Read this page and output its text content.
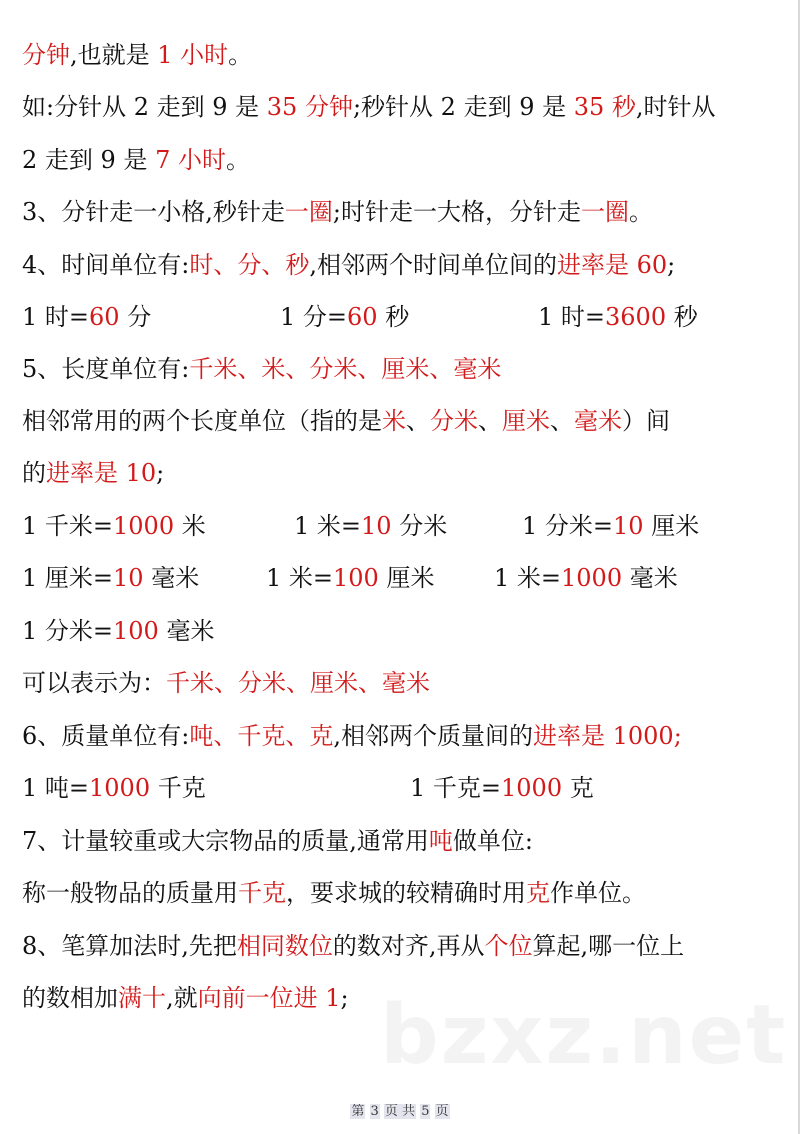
分钟,也就是 1 小时。
如:分针从 2 走到 9 是 35 分钟;秒针从 2 走到 9 是 35 秒,时针从
2 走到 9 是 7 小时。
3、分针走一小格,秒针走一圈;时针走一大格，分针走一圈。
4、时间单位有:时、分、秒,相邻两个时间单位间的进率是 60;
1 时=60 分	1 分=60 秒	1 时=3600 秒
5、长度单位有:千米、米、分米、厘米、毫米
相邻常用的两个长度单位（指的是米、分米、厘米、毫米）间
的进率是 10;
1 千米=1000 米	1 米=10 分米	1 分米=10 厘米
1 厘米=10 毫米	1 米=100 厘米 1 米=1000 毫米
1 分米=100 毫米
可以表示为：千米、分米、厘米、毫米
6、质量单位有:吨、千克、克,相邻两个质量间的进率是 1000;
1 吨=1000 千克	1 千克=1000 克
7、计量较重或大宗物品的质量,通常用吨做单位:
称一般物品的质量用千克，要求城的较精确时用克作单位。
8、笔算加法时,先把相同数位的数对齐,再从个位算起,哪一位上
的数相加满十,就向前一位进 1; bzxz.net
第 3 页 共 5 页
